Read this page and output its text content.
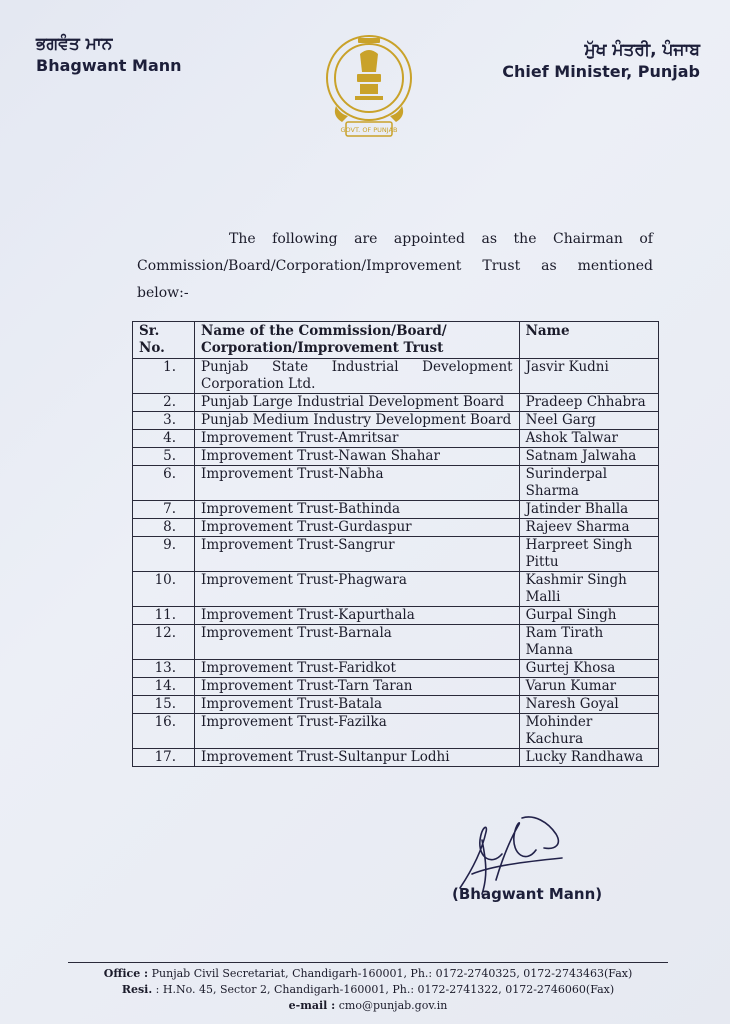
ਭਗਵੰਤ ਮਾਨ
Bhagwant Mann
GOVT. OF PUNJAB
ਮੁੱਖ ਮੰਤਰੀ, ਪੰਜਾਬ
Chief Minister, Punjab
The following are appointed as the Chairman of Commission/Board/Corporation/Improvement Trust as mentioned below:-
Sr. No.	Name of the Commission/Board/ Corporation/Improvement Trust	Name
1.	Punjab State Industrial Development Corporation Ltd.	Jasvir Kudni
2.	Punjab Large Industrial Development Board	Pradeep Chhabra
3.	Punjab Medium Industry Development Board	Neel Garg
4.	Improvement Trust-Amritsar	Ashok Talwar
5.	Improvement Trust-Nawan Shahar	Satnam Jalwaha
6.	Improvement Trust-Nabha	Surinderpal Sharma
7.	Improvement Trust-Bathinda	Jatinder Bhalla
8.	Improvement Trust-Gurdaspur	Rajeev Sharma
9.	Improvement Trust-Sangrur	Harpreet Singh Pittu
10.	Improvement Trust-Phagwara	Kashmir Singh Malli
11.	Improvement Trust-Kapurthala	Gurpal Singh
12.	Improvement Trust-Barnala	Ram Tirath Manna
13.	Improvement Trust-Faridkot	Gurtej Khosa
14.	Improvement Trust-Tarn Taran	Varun Kumar
15.	Improvement Trust-Batala	Naresh Goyal
16.	Improvement Trust-Fazilka	Mohinder Kachura
17.	Improvement Trust-Sultanpur Lodhi	Lucky Randhawa
(Bhagwant Mann)
Office : Punjab Civil Secretariat, Chandigarh-160001, Ph.: 0172-2740325, 0172-2743463(Fax)
Resi. : H.No. 45, Sector 2, Chandigarh-160001, Ph.: 0172-2741322, 0172-2746060(Fax)
e-mail : cmo@punjab.gov.in
